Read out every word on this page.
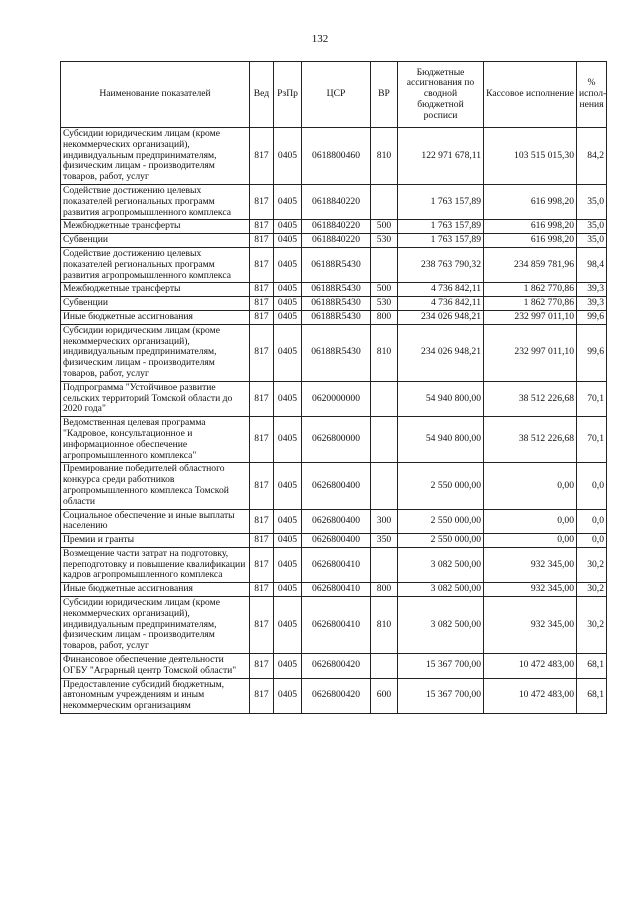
132
Наименование показателей	Вед	РзПр	ЦСР	ВР	Бюджетные ассигнования по сводной бюджетной росписи	Кассовое исполнение	% испол-нения
Субсидии юридическим лицам (кроме некоммерческих организаций), индивидуальным предпринимателям, физическим лицам - производителям товаров, работ, услуг	817	0405	0618800460	810	122 971 678,11	103 515 015,30	84,2
Содействие достижению целевых показателей региональных программ развития агропромышленного комплекса	817	0405	0618840220		1 763 157,89	616 998,20	35,0
Межбюджетные трансферты	817	0405	0618840220	500	1 763 157,89	616 998,20	35,0
Субвенции	817	0405	0618840220	530	1 763 157,89	616 998,20	35,0
Содействие достижению целевых показателей региональных программ развития агропромышленного комплекса	817	0405	06188R5430		238 763 790,32	234 859 781,96	98,4
Межбюджетные трансферты	817	0405	06188R5430	500	4 736 842,11	1 862 770,86	39,3
Субвенции	817	0405	06188R5430	530	4 736 842,11	1 862 770,86	39,3
Иные бюджетные ассигнования	817	0405	06188R5430	800	234 026 948,21	232 997 011,10	99,6
Субсидии юридическим лицам (кроме некоммерческих организаций), индивидуальным предпринимателям, физическим лицам - производителям товаров, работ, услуг	817	0405	06188R5430	810	234 026 948,21	232 997 011,10	99,6
Подпрограмма "Устойчивое развитие сельских территорий Томской области до 2020 года"	817	0405	0620000000		54 940 800,00	38 512 226,68	70,1
Ведомственная целевая программа "Кадровое, консультационное и информационное обеспечение агропромышленного комплекса"	817	0405	0626800000		54 940 800,00	38 512 226,68	70,1
Премирование победителей областного конкурса среди работников агропромышленного комплекса Томской области	817	0405	0626800400		2 550 000,00	0,00	0,0
Социальное обеспечение и иные выплаты населению	817	0405	0626800400	300	2 550 000,00	0,00	0,0
Премии и гранты	817	0405	0626800400	350	2 550 000,00	0,00	0,0
Возмещение части затрат на подготовку, переподготовку и повышение квалификации кадров агропромышленного комплекса	817	0405	0626800410		3 082 500,00	932 345,00	30,2
Иные бюджетные ассигнования	817	0405	0626800410	800	3 082 500,00	932 345,00	30,2
Субсидии юридическим лицам (кроме некоммерческих организаций), индивидуальным предпринимателям, физическим лицам - производителям товаров, работ, услуг	817	0405	0626800410	810	3 082 500,00	932 345,00	30,2
Финансовое обеспечение деятельности ОГБУ "Аграрный центр Томской области"	817	0405	0626800420		15 367 700,00	10 472 483,00	68,1
Предоставление субсидий бюджетным, автономным учреждениям и иным некоммерческим организациям	817	0405	0626800420	600	15 367 700,00	10 472 483,00	68,1
